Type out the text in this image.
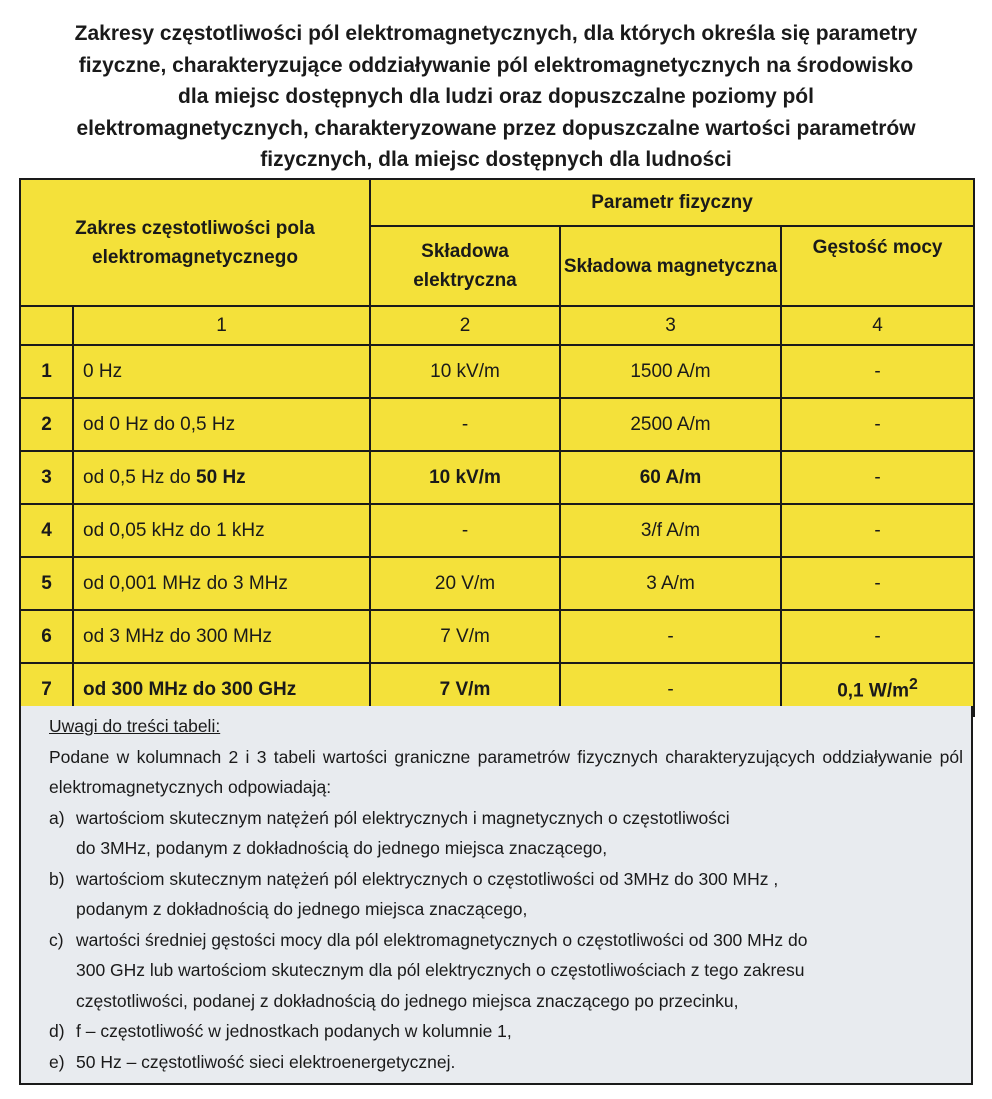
Zakresy częstotliwości pól elektromagnetycznych, dla których określa się parametry
fizyczne, charakteryzujące oddziaływanie pól elektromagnetycznych na środowisko
dla miejsc dostępnych dla ludzi oraz dopuszczalne poziomy pól
elektromagnetycznych, charakteryzowane przez dopuszczalne wartości parametrów
fizycznych, dla miejsc dostępnych dla ludności
Zakres częstotliwości pola elektromagnetycznego		Parametr fizyczny		
		Składowa elektryczna	Składowa magnetyczna	Gęstość mocy
	1	2	3	4
1	0 Hz	10 kV/m	1500 A/m	-
2	od 0 Hz do 0,5 Hz	-	2500 A/m	-
3	od 0,5 Hz do 50 Hz	10 kV/m	60 A/m	-
4	od 0,05 kHz do 1 kHz	-	3/f A/m	-
5	od 0,001 MHz do 3 MHz	20 V/m	3 A/m	-
6	od 3 MHz do 300 MHz	7 V/m	-	-
7	od 300 MHz do 300 GHz	7 V/m	-	0,1 $W/m^2$
Uwagi do treści tabeli:
Podane w kolumnach 2 i 3 tabeli wartości graniczne parametrów fizycznych charakteryzujących oddziaływanie pól elektromagnetycznych odpowiadają:
a) wartościom skutecznym natężeń pól elektrycznych i magnetycznych o częstotliwości
do 3MHz, podanym z dokładnością do jednego miejsca znaczącego,
b) wartościom skutecznym natężeń pól elektrycznych o częstotliwości od 3MHz do 300 MHz ,
podanym z dokładnością do jednego miejsca znaczącego,
c) wartości średniej gęstości mocy dla pól elektromagnetycznych o częstotliwości od 300 MHz do
300 GHz lub wartościom skutecznym dla pól elektrycznych o częstotliwościach z tego zakresu
częstotliwości, podanej z dokładnością do jednego miejsca znaczącego po przecinku,
d) f – częstotliwość w jednostkach podanych w kolumnie 1,
e) 50 Hz – częstotliwość sieci elektroenergetycznej.
